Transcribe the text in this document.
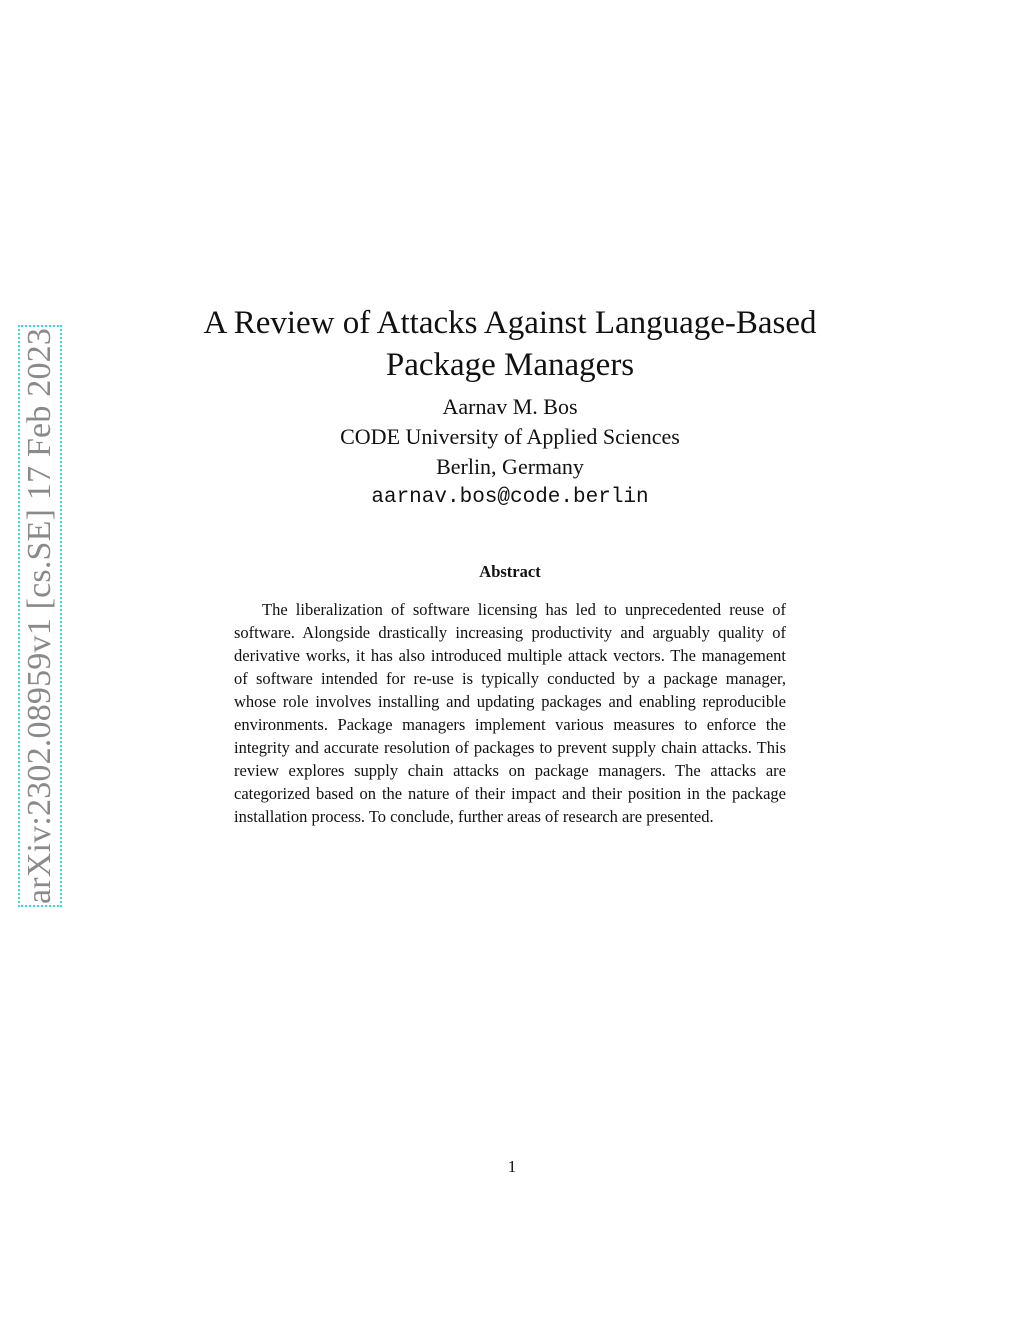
arXiv:2302.08959v1 [cs.SE] 17 Feb 2023
A Review of Attacks Against Language-Based
Package Managers
Aarnav M. Bos
CODE University of Applied Sciences
Berlin, Germany
aarnav.bos@code.berlin
Abstract

The liberalization of software licensing has led to unprecedented reuse of software. Alongside drastically increasing productivity and arguably quality of derivative works, it has also introduced multiple attack vectors. The management of software intended for re-use is typically conducted by a package manager, whose role involves installing and updating packages and enabling reproducible environments. Package managers implement various measures to enforce the integrity and accurate resolution of packages to prevent supply chain attacks. This review explores supply chain attacks on package managers. The attacks are categorized based on the nature of their impact and their position in the package installation process. To conclude, further areas of research are presented.

1
